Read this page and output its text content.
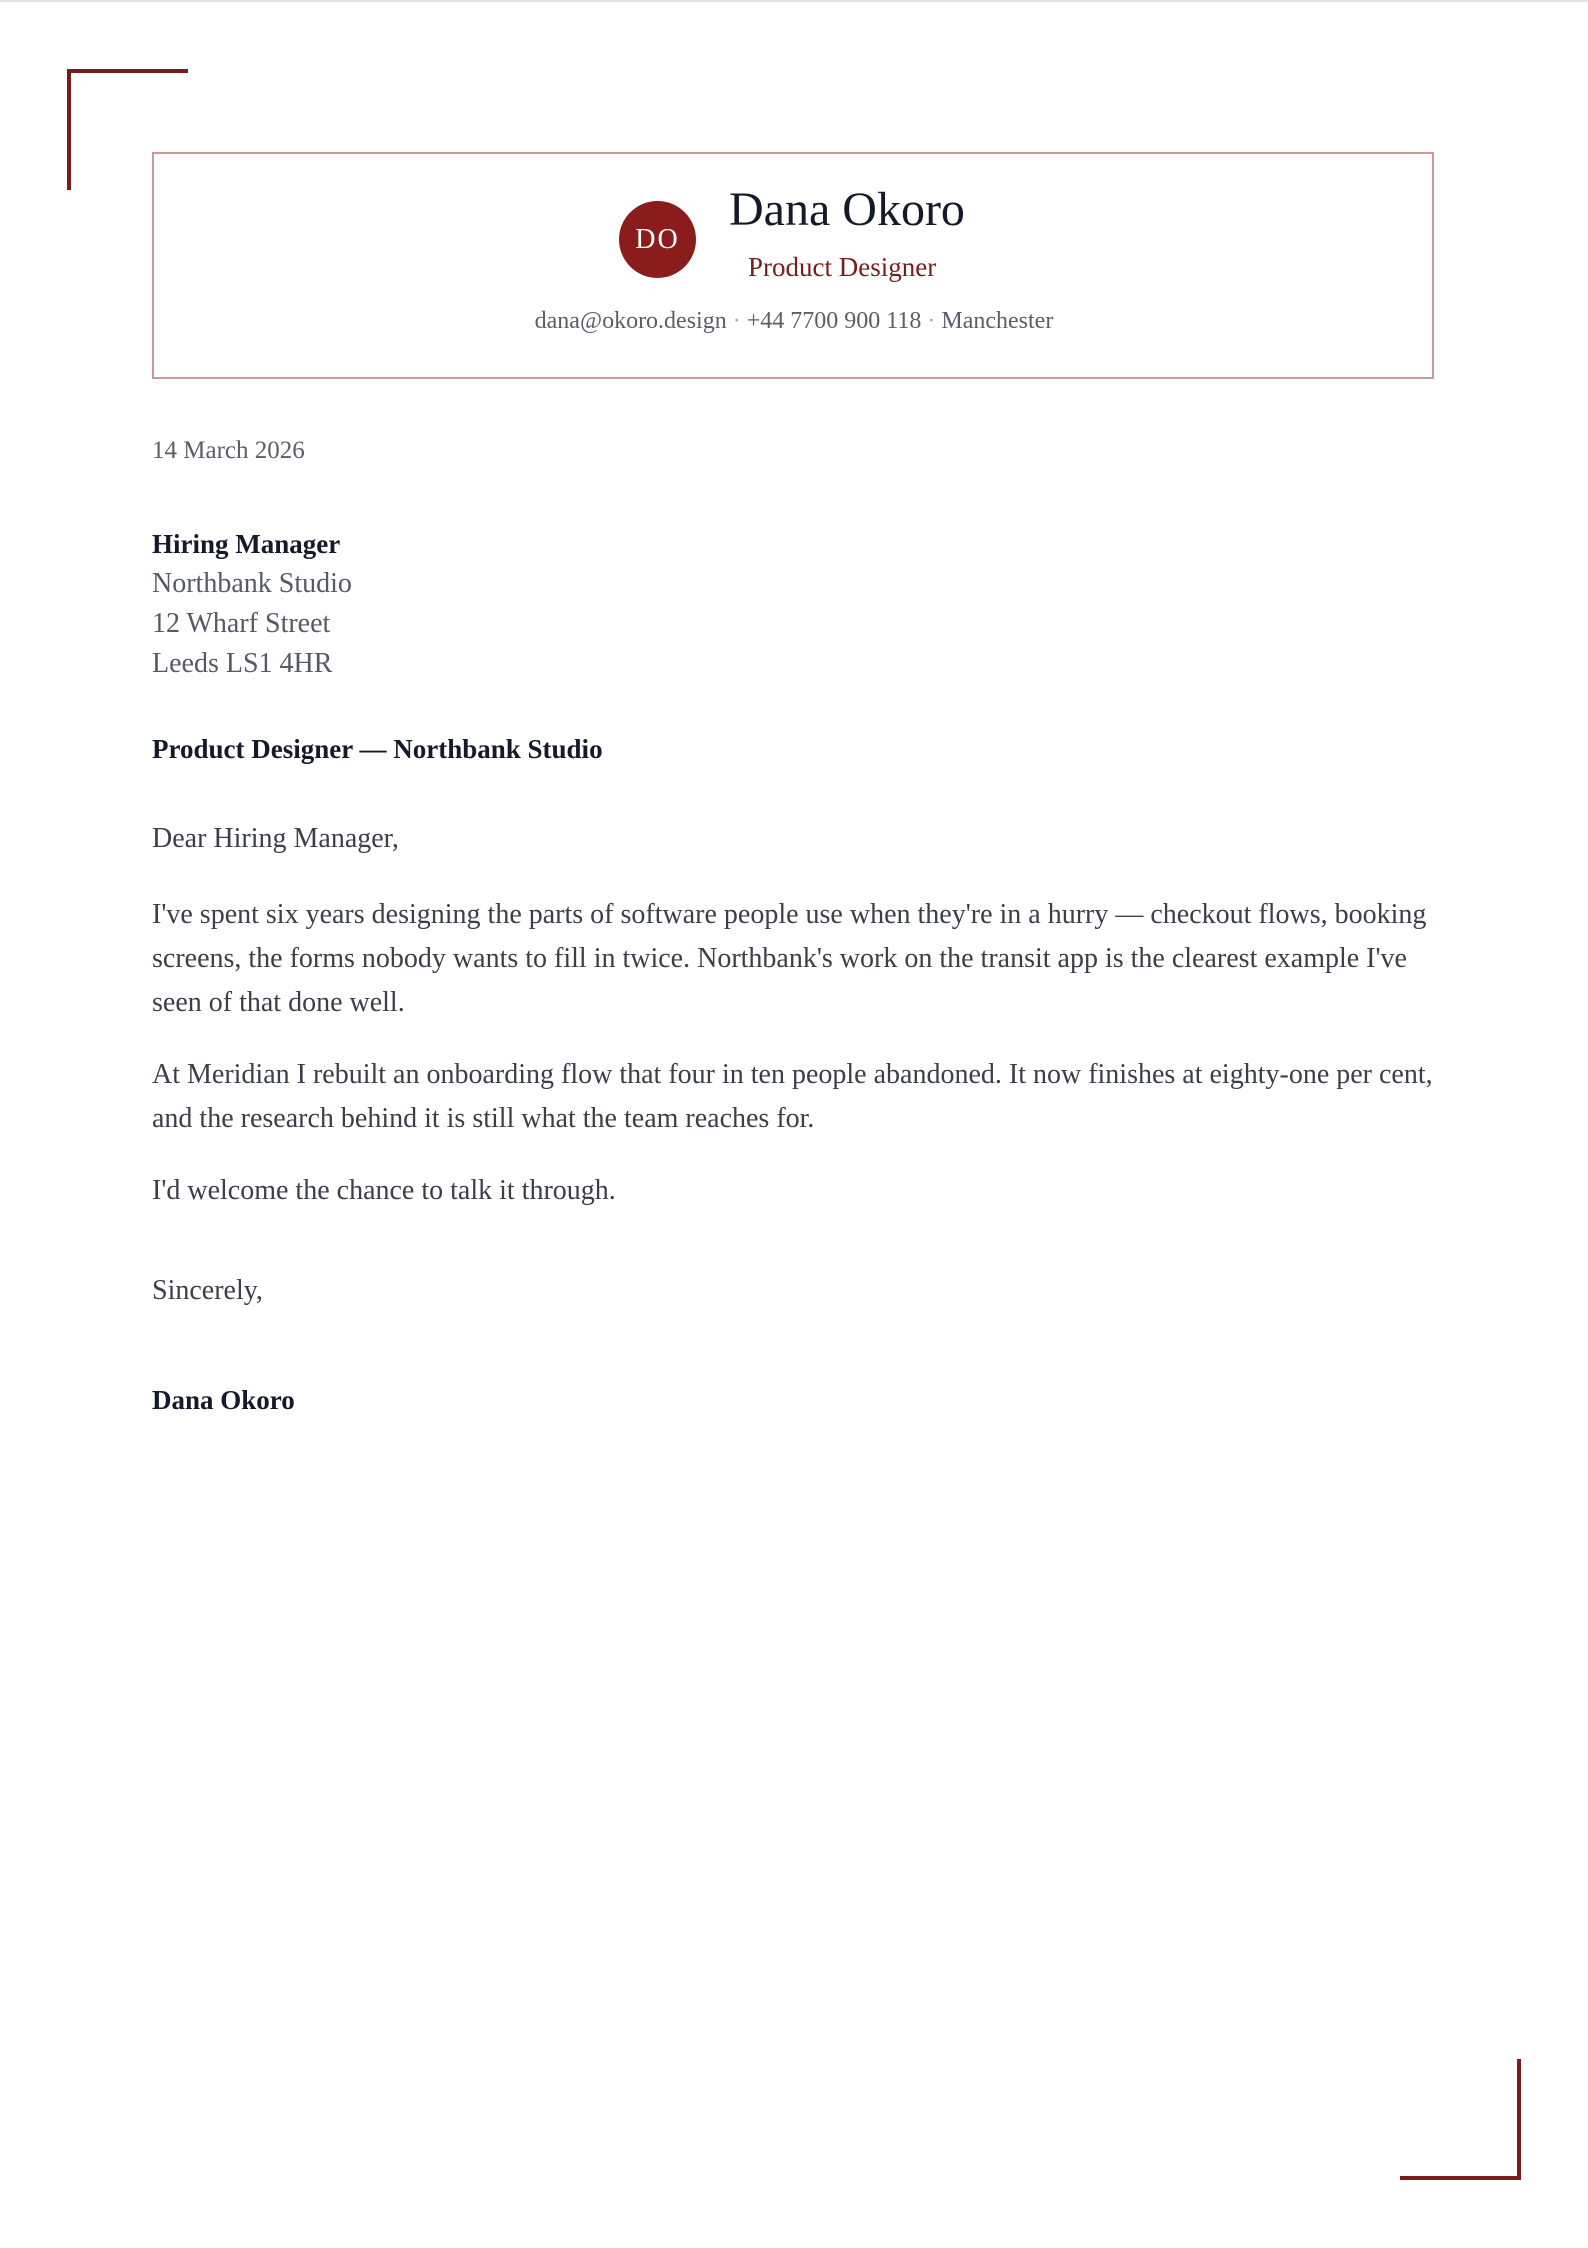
DO
Dana Okoro
Product Designer
dana@okoro.design · +44 7700 900 118 · Manchester
14 March 2026
Hiring Manager
Northbank Studio
12 Wharf Street
Leeds LS1 4HR
Product Designer — Northbank Studio
Dear Hiring Manager,

I've spent six years designing the parts of software people use when they're in a hurry — checkout flows, booking screens, the forms nobody wants to fill in twice. Northbank's work on the transit app is the clearest example I've seen of that done well.

At Meridian I rebuilt an onboarding flow that four in ten people abandoned. It now finishes at eighty-one per cent, and the research behind it is still what the team reaches for.

I'd welcome the chance to talk it through.

Sincerely,
Dana Okoro
